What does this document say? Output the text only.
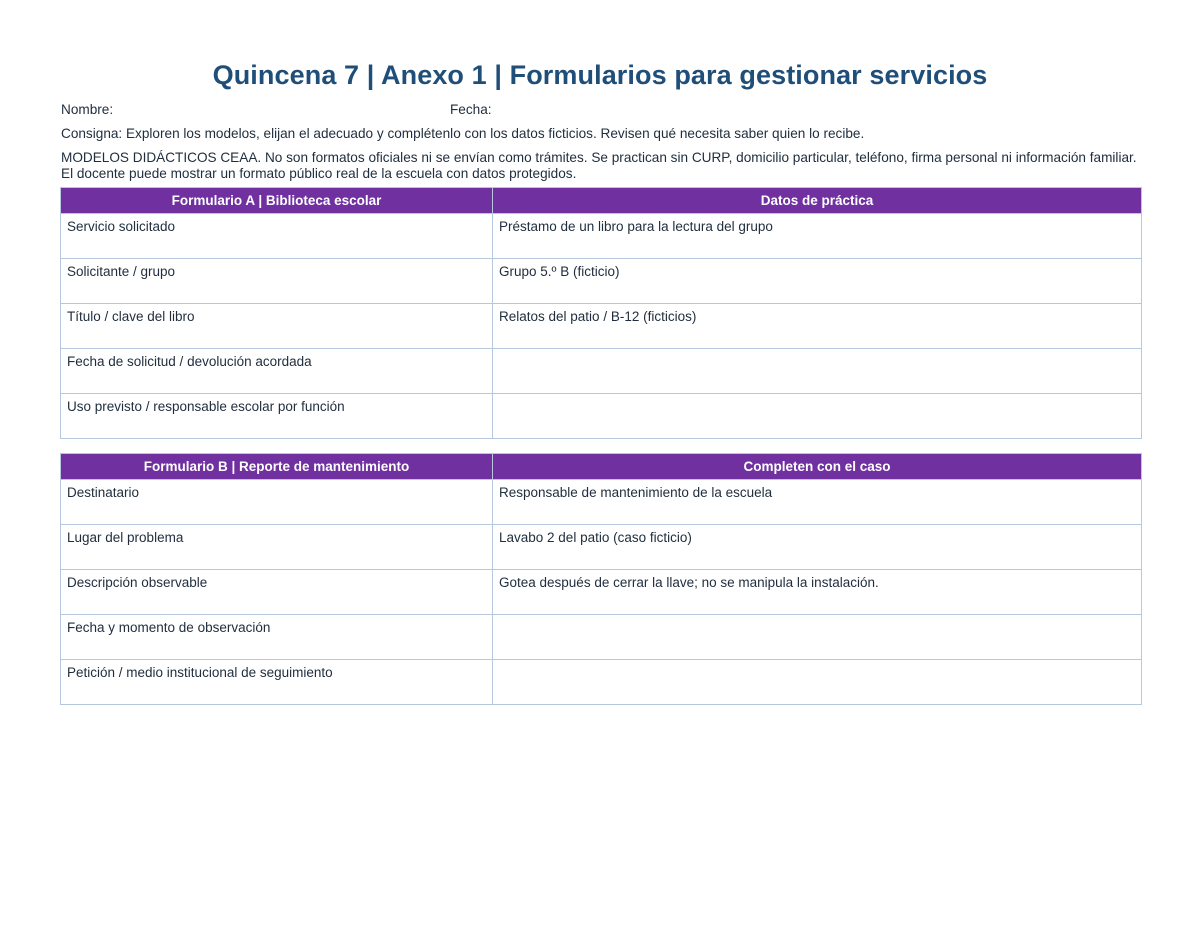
Quincena 7 | Anexo 1 | Formularios para gestionar servicios
Nombre:	Fecha:
Consigna: Exploren los modelos, elijan el adecuado y complétenlo con los datos ficticios. Revisen qué necesita saber quien lo recibe.
MODELOS DIDÁCTICOS CEAA. No son formatos oficiales ni se envían como trámites. Se practican sin CURP, domicilio particular, teléfono, firma personal ni información familiar.
El docente puede mostrar un formato público real de la escuela con datos protegidos.
Formulario A | Biblioteca escolar	Datos de práctica
Servicio solicitado	Préstamo de un libro para la lectura del grupo
Solicitante / grupo	Grupo 5.º B (ficticio)
Título / clave del libro	Relatos del patio / B-12 (ficticios)
Fecha de solicitud / devolución acordada	
Uso previsto / responsable escolar por función	
Formulario B | Reporte de mantenimiento	Completen con el caso
Destinatario	Responsable de mantenimiento de la escuela
Lugar del problema	Lavabo 2 del patio (caso ficticio)
Descripción observable	Gotea después de cerrar la llave; no se manipula la instalación.
Fecha y momento de observación	
Petición / medio institucional de seguimiento	
